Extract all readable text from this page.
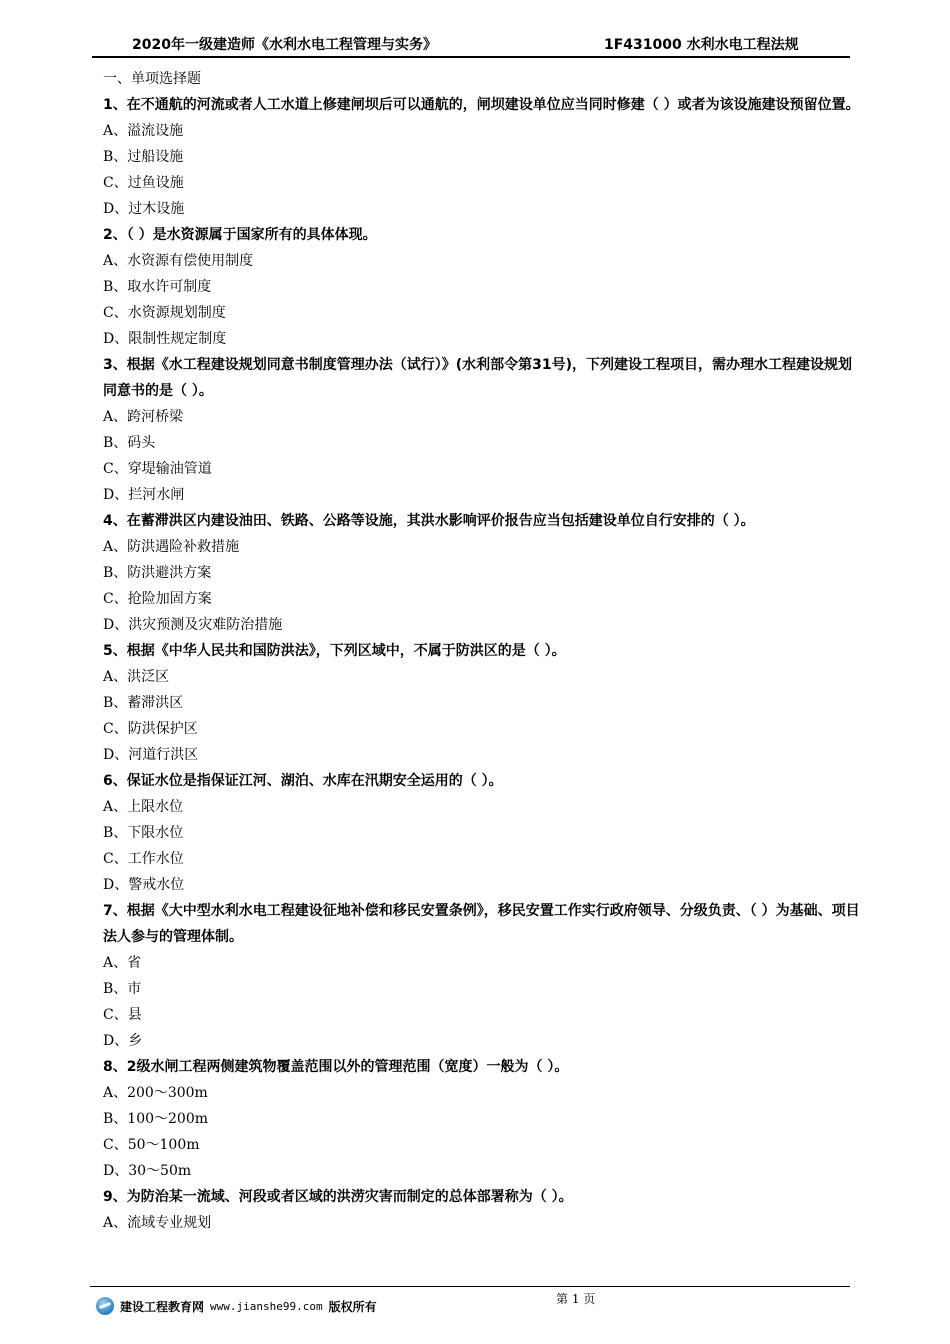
2020年一级建造师《水利水电工程管理与实务》	1F431000 水利水电工程法规
一、单项选择题

1、在不通航的河流或者人工水道上修建闸坝后可以通航的，闸坝建设单位应当同时修建（ ）或者为该设施建设预留位置。

A、溢流设施

B、过船设施

C、过鱼设施

D、过木设施

2、（ ）是水资源属于国家所有的具体体现。

A、水资源有偿使用制度

B、取水许可制度

C、水资源规划制度

D、限制性规定制度

3、根据《水工程建设规划同意书制度管理办法（试行）》(水利部令第31号)，下列建设工程项目，需办理水工程建设规划同意书的是（ ）。

A、跨河桥梁

B、码头

C、穿堤输油管道

D、拦河水闸

4、在蓄滞洪区内建设油田、铁路、公路等设施，其洪水影响评价报告应当包括建设单位自行安排的（ ）。

A、防洪遇险补救措施

B、防洪避洪方案

C、抢险加固方案

D、洪灾预测及灾难防治措施

5、根据《中华人民共和国防洪法》，下列区域中，不属于防洪区的是（ ）。

A、洪泛区

B、蓄滞洪区

C、防洪保护区

D、河道行洪区

6、保证水位是指保证江河、湖泊、水库在汛期安全运用的（ ）。

A、上限水位

B、下限水位

C、工作水位

D、警戒水位

7、根据《大中型水利水电工程建设征地补偿和移民安置条例》，移民安置工作实行政府领导、分级负责、（ ）为基础、项目法人参与的管理体制。

A、省

B、市

C、县

D、乡

8、2级水闸工程两侧建筑物覆盖范围以外的管理范围（宽度）一般为（ ）。

A、200～300m

B、100～200m

C、50～100m

D、30～50m

9、为防治某一流域、河段或者区域的洪涝灾害而制定的总体部署称为（ ）。

A、流域专业规划

第 1 页
建设工程教育网 www.jianshe99.com 版权所有
